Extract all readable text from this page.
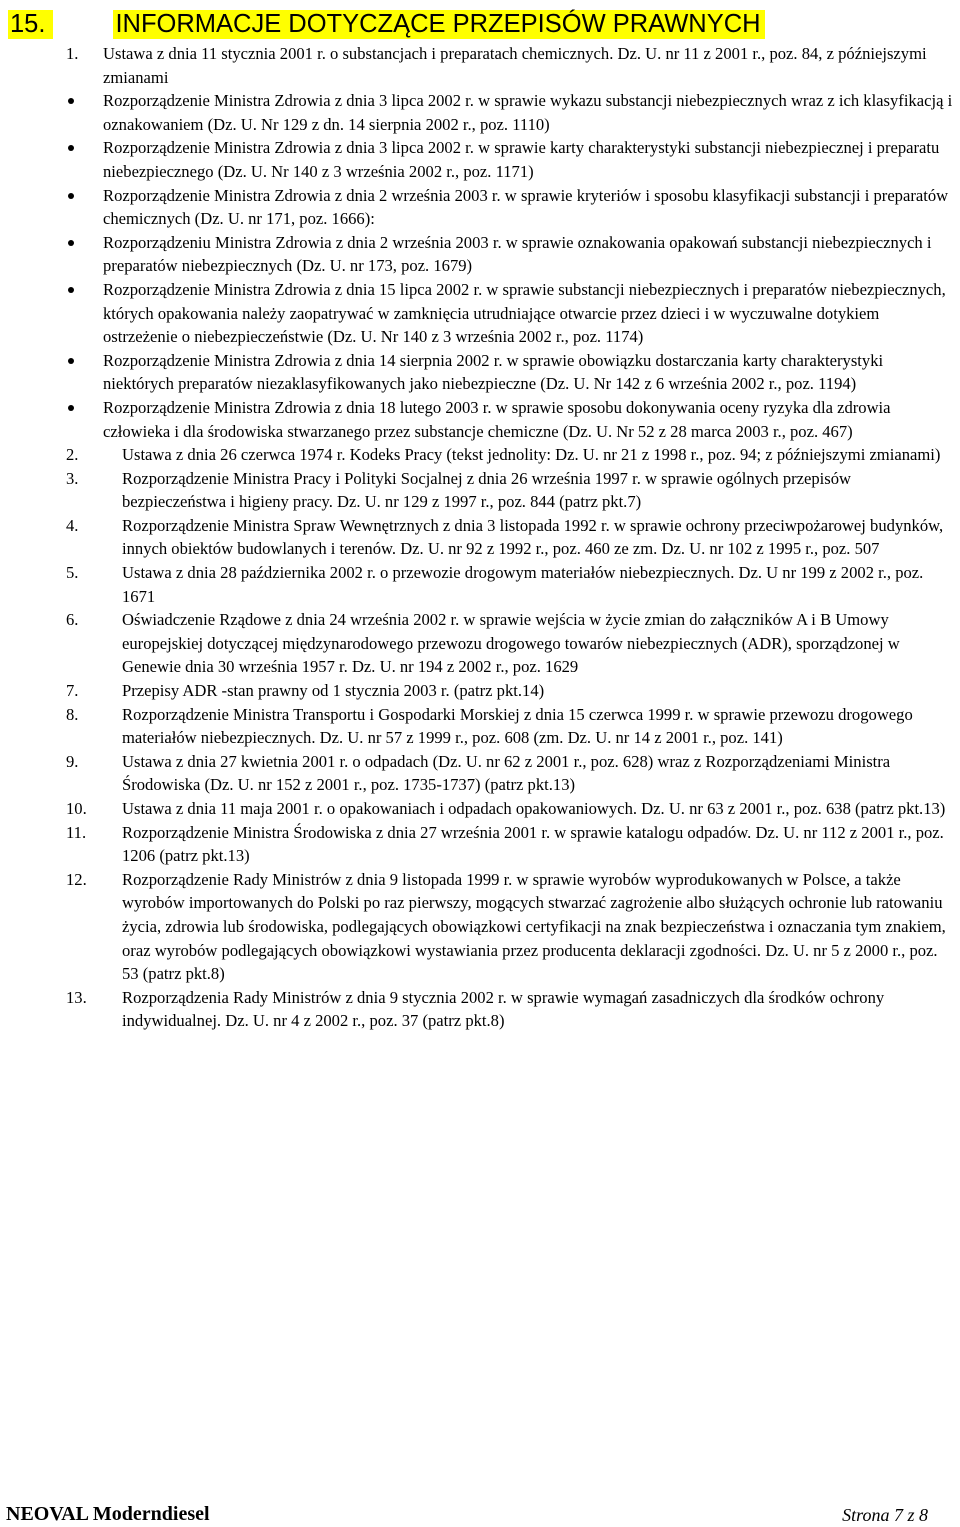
15.	INFORMACJE DOTYCZĄCE PRZEPISÓW PRAWNYCH
1. Ustawa z dnia 11 stycznia 2001 r. o substancjach i preparatach chemicznych. Dz. U. nr 11 z 2001 r., poz. 84, z późniejszymi zmianami
Rozporządzenie Ministra Zdrowia z dnia 3 lipca 2002 r. w sprawie wykazu substancji niebezpiecznych wraz z ich klasyfikacją i oznakowaniem (Dz. U. Nr 129 z dn. 14 sierpnia 2002 r., poz. 1110)
Rozporządzenie Ministra Zdrowia z dnia 3 lipca 2002 r. w sprawie karty charakterystyki substancji niebezpiecznej i preparatu niebezpiecznego (Dz. U. Nr 140 z 3 września 2002 r., poz. 1171)
Rozporządzenie Ministra Zdrowia z dnia 2 września 2003 r. w sprawie kryteriów i sposobu klasyfikacji substancji i preparatów chemicznych (Dz. U. nr 171, poz. 1666):
Rozporządzeniu Ministra Zdrowia z dnia 2 września 2003 r. w sprawie oznakowania opakowań substancji niebezpiecznych i preparatów niebezpiecznych (Dz. U. nr 173, poz. 1679)
Rozporządzenie Ministra Zdrowia z dnia 15 lipca 2002 r. w sprawie substancji niebezpiecznych i preparatów niebezpiecznych, których opakowania należy zaopatrywać w zamknięcia utrudniające otwarcie przez dzieci i w wyczuwalne dotykiem ostrzeżenie o niebezpieczeństwie (Dz. U. Nr 140 z 3 września 2002 r., poz. 1174)
Rozporządzenie Ministra Zdrowia z dnia 14 sierpnia 2002 r. w sprawie obowiązku dostarczania karty charakterystyki niektórych preparatów niezaklasyfikowanych jako niebezpieczne (Dz. U. Nr 142 z 6 września 2002 r., poz. 1194)
Rozporządzenie Ministra Zdrowia z dnia 18 lutego 2003 r. w sprawie sposobu dokonywania oceny ryzyka dla zdrowia człowieka i dla środowiska stwarzanego przez substancje chemiczne (Dz. U. Nr 52 z 28 marca 2003 r., poz. 467)
2.	Ustawa z dnia 26 czerwca 1974 r. Kodeks Pracy (tekst jednolity: Dz. U. nr 21 z 1998 r., poz. 94; z późniejszymi zmianami)
3.	Rozporządzenie Ministra Pracy i Polityki Socjalnej z dnia 26 września 1997 r. w sprawie ogólnych przepisów bezpieczeństwa i higieny pracy. Dz. U. nr 129 z 1997 r., poz. 844 (patrz pkt.7)
4.	Rozporządzenie Ministra Spraw Wewnętrznych z dnia 3 listopada 1992 r. w sprawie ochrony przeciwpożarowej budynków, innych obiektów budowlanych i terenów. Dz. U. nr 92 z 1992 r., poz. 460 ze zm. Dz. U. nr 102 z 1995 r., poz. 507
5.	Ustawa z dnia 28 października 2002 r. o przewozie drogowym materiałów niebezpiecznych. Dz. U nr 199 z 2002 r., poz. 1671
6.	Oświadczenie Rządowe z dnia 24 września 2002 r. w sprawie wejścia w życie zmian do załączników A i B Umowy europejskiej dotyczącej międzynarodowego przewozu drogowego towarów niebezpiecznych (ADR), sporządzonej w Genewie dnia 30 września 1957 r. Dz. U. nr 194 z 2002 r., poz. 1629
7.	Przepisy ADR -stan prawny od 1 stycznia 2003 r. (patrz pkt.14)
8.	Rozporządzenie Ministra Transportu i Gospodarki Morskiej z dnia 15 czerwca 1999 r. w sprawie przewozu drogowego materiałów niebezpiecznych. Dz. U. nr 57 z 1999 r., poz. 608 (zm. Dz. U. nr 14 z 2001 r., poz. 141)
9.	Ustawa z dnia 27 kwietnia 2001 r. o odpadach (Dz. U. nr 62 z 2001 r., poz. 628) wraz z Rozporządzeniami Ministra Środowiska (Dz. U. nr 152 z 2001 r., poz. 1735-1737) (patrz pkt.13)
10. Ustawa z dnia 11 maja 2001 r. o opakowaniach i odpadach opakowaniowych. Dz. U. nr 63 z 2001 r., poz. 638 (patrz pkt.13)
11. Rozporządzenie Ministra Środowiska z dnia 27 września 2001 r. w sprawie katalogu odpadów. Dz. U. nr 112 z 2001 r., poz. 1206 (patrz pkt.13)
12. Rozporządzenie Rady Ministrów z dnia 9 listopada 1999 r. w sprawie wyrobów wyprodukowanych w Polsce, a także wyrobów importowanych do Polski po raz pierwszy, mogących stwarzać zagrożenie albo służących ochronie lub ratowaniu życia, zdrowia lub środowiska, podlegających obowiązkowi certyfikacji na znak bezpieczeństwa i oznaczania tym znakiem, oraz wyrobów podlegających obowiązkowi wystawiania przez producenta deklaracji zgodności. Dz. U. nr 5 z 2000 r., poz. 53 (patrz pkt.8)
13. Rozporządzenia Rady Ministrów z dnia 9 stycznia 2002 r. w sprawie wymagań zasadniczych dla środków ochrony indywidualnej. Dz. U. nr 4 z 2002 r., poz. 37 (patrz pkt.8)
NEOVAL Moderndiesel	Strona 7 z 8
